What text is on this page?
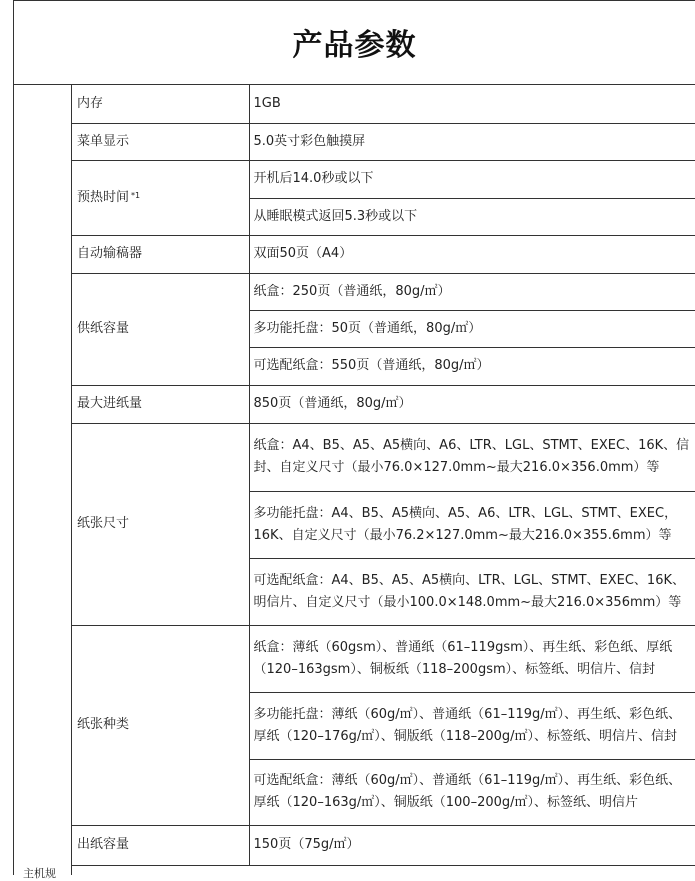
产品参数
主机规
内存	1GB
菜单显示	5.0英寸彩色触摸屏
预热时间 $^{*1}$	开机后14.0秒或以下
	从睡眠模式返回5.3秒或以下
自动输稿器	双面50页（A4）
供纸容量	纸盒：250页（普通纸，80g/㎡）
	多功能托盘：50页（普通纸，80g/㎡）
	可选配纸盒：550页（普通纸，80g/㎡）
最大进纸量	850页（普通纸，80g/㎡）
纸张尺寸	纸盒：A4、B5、A5、A5横向、A6、LTR、LGL、STMT、EXEC、16K、信封、自定义尺寸（最小76.0×127.0mm~最大216.0×356.0mm）等
	多功能托盘：A4、B5、A5横向、A5、A6、LTR、LGL、STMT、EXEC，16K、自定义尺寸（最小76.2×127.0mm~最大216.0×355.6mm）等
	可选配纸盒：A4、B5、A5、A5横向、LTR、LGL、STMT、EXEC、16K、明信片、自定义尺寸（最小100.0×148.0mm~最大216.0×356mm）等
纸张种类	纸盒：薄纸（60gsm）、普通纸（61–119gsm）、再生纸、彩色纸、厚纸（120–163gsm）、铜板纸（118–200gsm）、标签纸、明信片、信封
	多功能托盘：薄纸（60g/㎡）、普通纸（61–119g/㎡）、再生纸、彩色纸、厚纸（120–176g/㎡）、铜版纸（118–200g/㎡）、标签纸、明信片、信封
	可选配纸盒：薄纸（60g/㎡）、普通纸（61–119g/㎡）、再生纸、彩色纸、厚纸（120–163g/㎡）、铜版纸（100–200g/㎡）、标签纸、明信片
出纸容量	150页（75g/㎡）
